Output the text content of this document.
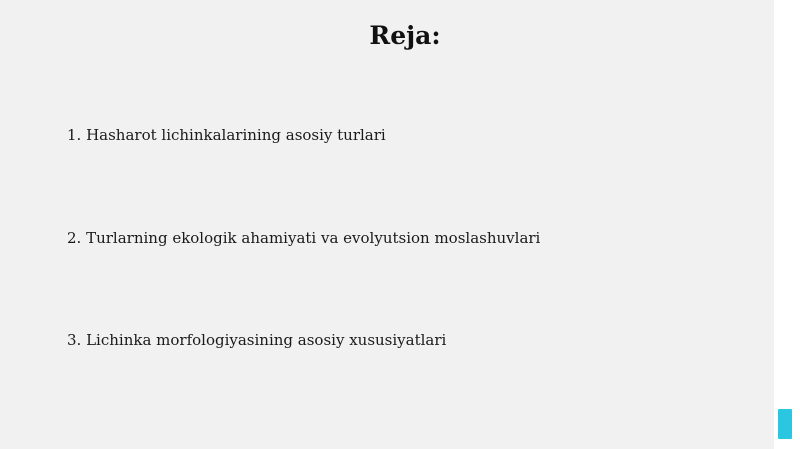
Reja:
1. Hasharot lichinkalarining asosiy turlari
2. Turlarning ekologik ahamiyati va evolyutsion moslashuvlari
3. Lichinka morfologiyasining asosiy xususiyatlari
